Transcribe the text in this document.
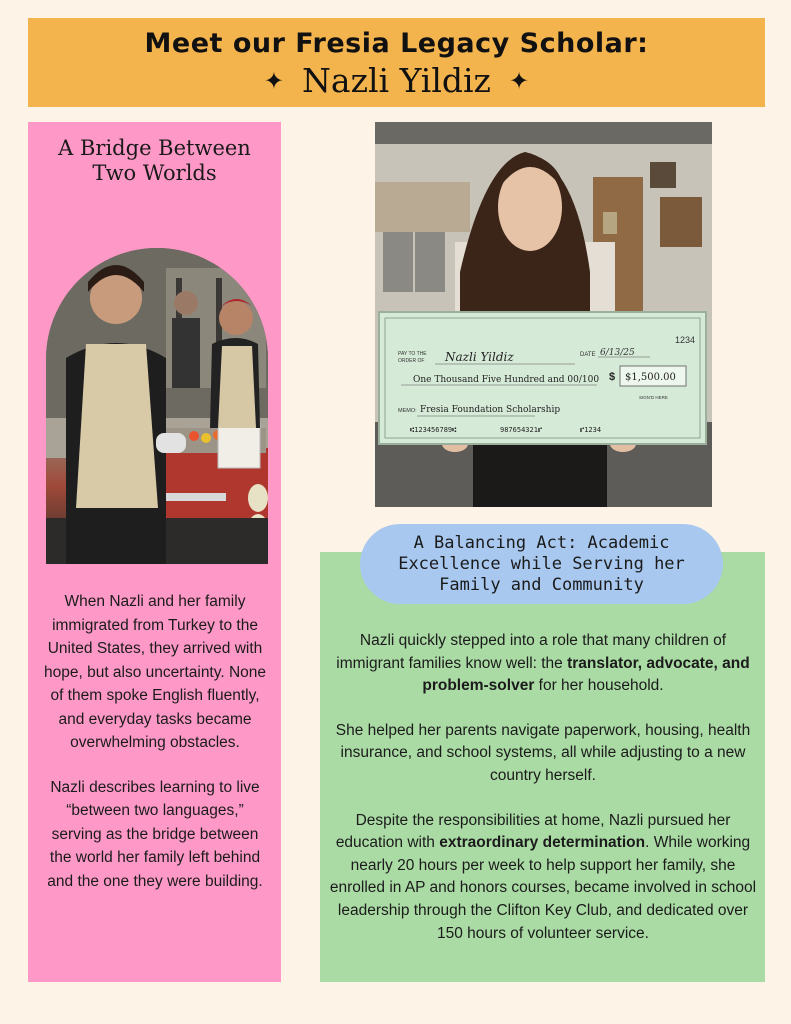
Meet our Fresia Legacy Scholar:
✦ Nazli Yildiz ✦
A Bridge Between Two Worlds

When Nazli and her family immigrated from Turkey to the United States, they arrived with hope, but also uncertainty. None of them spoke English fluently, and everyday tasks became overwhelming obstacles.

Nazli describes learning to live “between two languages,” serving as the bridge between the world her family left behind and the one they were building.

1234
DATE 6/13/25
PAY TO THE
ORDER OF Nazli Yildiz
One Thousand Five Hundred and 00/100 $ $1,500.00
SIGN'D HERE
MEMO: Fresia Foundation Scholarship
⑆123456789⑆	987654321⑈	⑈1234
A Balancing Act: Academic Excellence while Serving her Family and Community

Nazli quickly stepped into a role that many children of immigrant families know well: the translator, advocate, and problem-solver for her household.

She helped her parents navigate paperwork, housing, health insurance, and school systems, all while adjusting to a new country herself.

Despite the responsibilities at home, Nazli pursued her education with extraordinary determination. While working nearly 20 hours per week to help support her family, she enrolled in AP and honors courses, became involved in school leadership through the Clifton Key Club, and dedicated over 150 hours of volunteer service.
